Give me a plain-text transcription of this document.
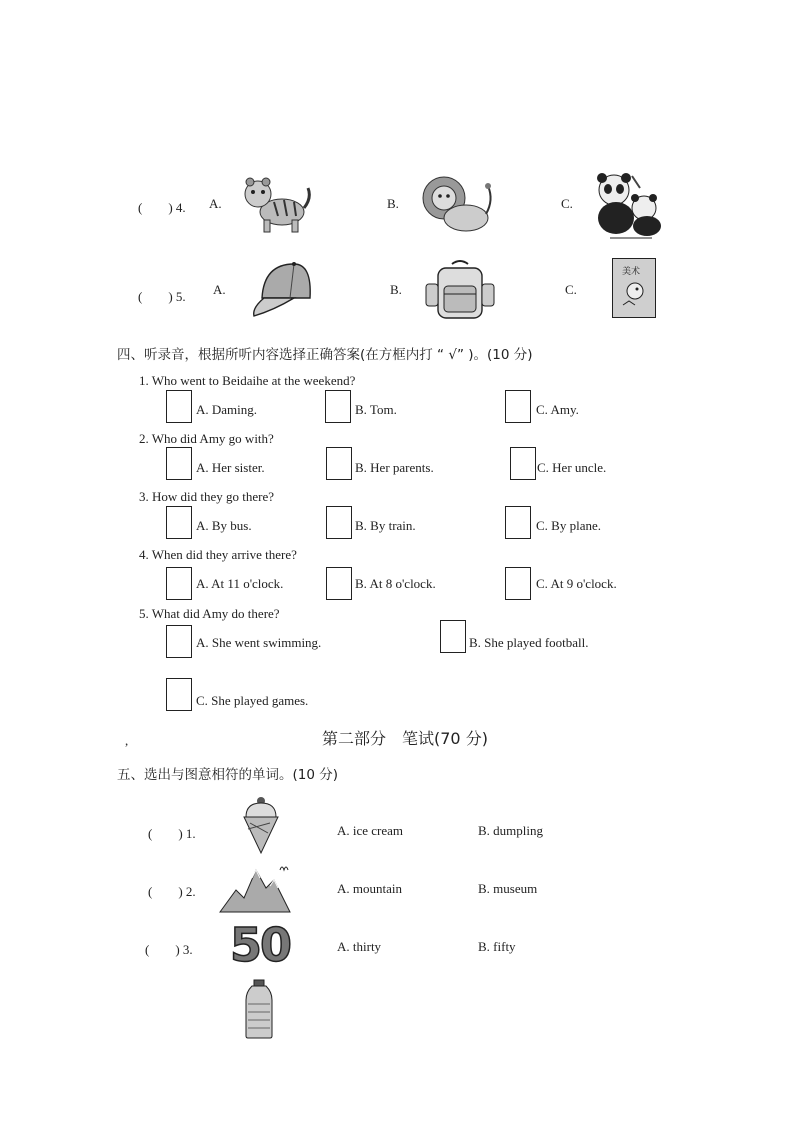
(　　) 4. A.	B.	C.
(　　) 5. A.	B.	C.
美术
四、听录音，根据所听内容选择正确答案(在方框内打 “ √” )。(10 分)
1. Who went to Beidaihe at the weekend?
A. Daming.	B. Tom.	C. Amy.
2. Who did Amy go with?
A. Her sister.	B. Her parents.	C. Her uncle.
3. How did they go there?
A. By bus.	B. By train.	C. By plane.
4. When did they arrive there?
A. At 11 o'clock.	B. At 8 o'clock.	C. At 9 o'clock.
5. What did Amy do there?
A. She went swimming.	B. She played football.
C. She played games.
,	第二部分　笔试(70 分)
五、选出与图意相符的单词。(10 分)
(　　) 1.	A. ice cream	B. dumpling
(　　) 2.	A. mountain	B. museum
(　　) 3. 50	A. thirty	B. fifty
